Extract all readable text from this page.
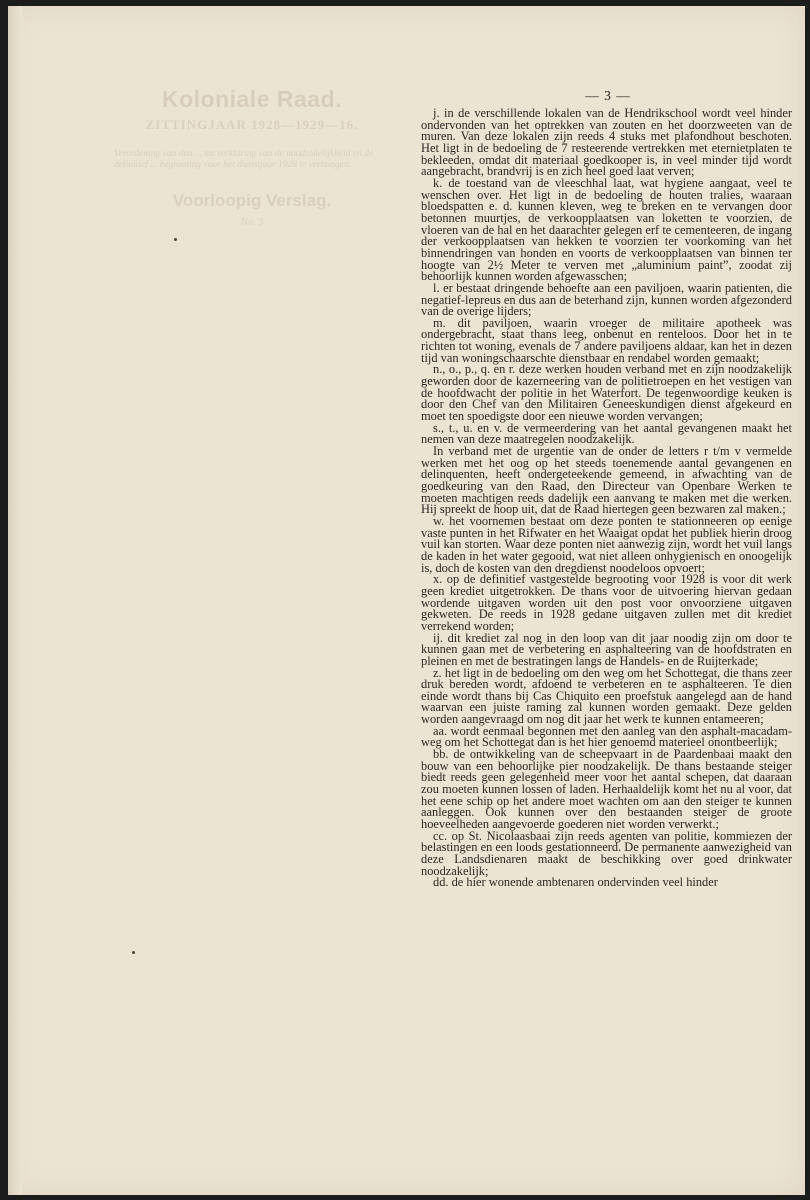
Koloniale Raad.
ZITTINGJAAR 1928—1929—16.
Verordening van den ... tot verklaring van de noodzakelijkheid en de definitief ... begrooting voor het dienstjaar 1928 te verhoogen.
Voorloopig Verslag.
No. 3
— 3 —

j. in de verschillende lokalen van de Hendrikschool wordt veel hinder ondervonden van het optrekken van zouten en het doorzweeten van de muren. Van deze lokalen zijn reeds 4 stuks met plafondhout beschoten. Het ligt in de bedoeling de 7 resteerende vertrekken met eternietplaten te bekleeden, omdat dit materiaal goedkooper is, in veel minder tijd wordt aangebracht, brandvrij is en zich heel goed laat verven;

k. de toestand van de vleeschhal laat, wat hygiene aangaat, veel te wenschen over. Het ligt in de bedoeling de houten tralies, waaraan bloedspatten e. d. kunnen kleven, weg te breken en te vervangen door betonnen muurtjes, de verkoopplaatsen van loketten te voorzien, de vloeren van de hal en het daarachter gelegen erf te cementeeren, de ingang der verkoopplaatsen van hekken te voorzien ter voorkoming van het binnendringen van honden en voorts de verkoopplaatsen van binnen ter hoogte van 2½ Meter te verven met „aluminium paint”, zoodat zij behoorlijk kunnen worden afgewasschen;

l. er bestaat dringende behoefte aan een paviljoen, waarin patienten, die negatief-lepreus en dus aan de beterhand zijn, kunnen worden afgezonderd van de overige lijders;

m. dit paviljoen, waarin vroeger de militaire apotheek was ondergebracht, staat thans leeg, onbenut en renteloos. Door het in te richten tot woning, evenals de 7 andere paviljoens aldaar, kan het in dezen tijd van woningschaarschte dienstbaar en rendabel worden gemaakt;

n., o., p., q. en r. deze werken houden verband met en zijn noodzakelijk geworden door de kazerneering van de politietroepen en het vestigen van de hoofdwacht der politie in het Waterfort. De tegenwoordige keuken is door den Chef van den Militairen Geneeskundigen dienst afgekeurd en moet ten spoedigste door een nieuwe worden vervangen;

s., t., u. en v. de vermeerdering van het aantal gevangenen maakt het nemen van deze maatregelen noodzakelijk.

In verband met de urgentie van de onder de letters r t/m v vermelde werken met het oog op het steeds toenemende aantal gevangenen en delinquenten, heeft ondergeteekende gemeend, in afwachting van de goedkeuring van den Raad, den Directeur van Openbare Werken te moeten machtigen reeds dadelijk een aanvang te maken met die werken. Hij spreekt de hoop uit, dat de Raad hiertegen geen bezwaren zal maken.;

w. het voornemen bestaat om deze ponten te stationneeren op eenige vaste punten in het Rifwater en het Waaigat opdat het publiek hierin droog vuil kan storten. Waar deze ponten niet aanwezig zijn, wordt het vuil langs de kaden in het water gegooid, wat niet alleen onhygienisch en onoogelijk is, doch de kosten van den dregdienst noodeloos opvoert;

x. op de definitief vastgestelde begrooting voor 1928 is voor dit werk geen krediet uitgetrokken. De thans voor de uitvoering hiervan gedaan wordende uitgaven worden uit den post voor onvoorziene uitgaven gekweten. De reeds in 1928 gedane uitgaven zullen met dit krediet verrekend worden;

ij. dit krediet zal nog in den loop van dit jaar noodig zijn om door te kunnen gaan met de verbetering en asphalteering van de hoofdstraten en pleinen en met de bestratingen langs de Handels- en de Ruijterkade;

z. het ligt in de bedoeling om den weg om het Schottegat, die thans zeer druk bereden wordt, afdoend te verbeteren en te asphalteeren. Te dien einde wordt thans bij Cas Chiquito een proefstuk aangelegd aan de hand waarvan een juiste raming zal kunnen worden gemaakt. Deze gelden worden aangevraagd om nog dit jaar het werk te kunnen entameeren;

aa. wordt eenmaal begonnen met den aanleg van den asphalt-macadam-weg om het Schottegat dan is het hier genoemd materieel onontbeerlijk;

bb. de ontwikkeling van de scheepvaart in de Paardenbaai maakt den bouw van een behoorlijke pier noodzakelijk. De thans bestaande steiger biedt reeds geen gelegenheid meer voor het aantal schepen, dat daaraan zou moeten kunnen lossen of laden. Herhaaldelijk komt het nu al voor, dat het eene schip op het andere moet wachten om aan den steiger te kunnen aanleggen. Ook kunnen over den bestaanden steiger de groote hoeveelheden aangevoerde goederen niet worden verwerkt.;

cc. op St. Nicolaasbaai zijn reeds agenten van politie, kommiezen der belastingen en een loods gestationneerd. De permanente aanwezigheid van deze Landsdienaren maakt de beschikking over goed drinkwater noodzakelijk;

dd. de hier wonende ambtenaren ondervinden veel hinder
